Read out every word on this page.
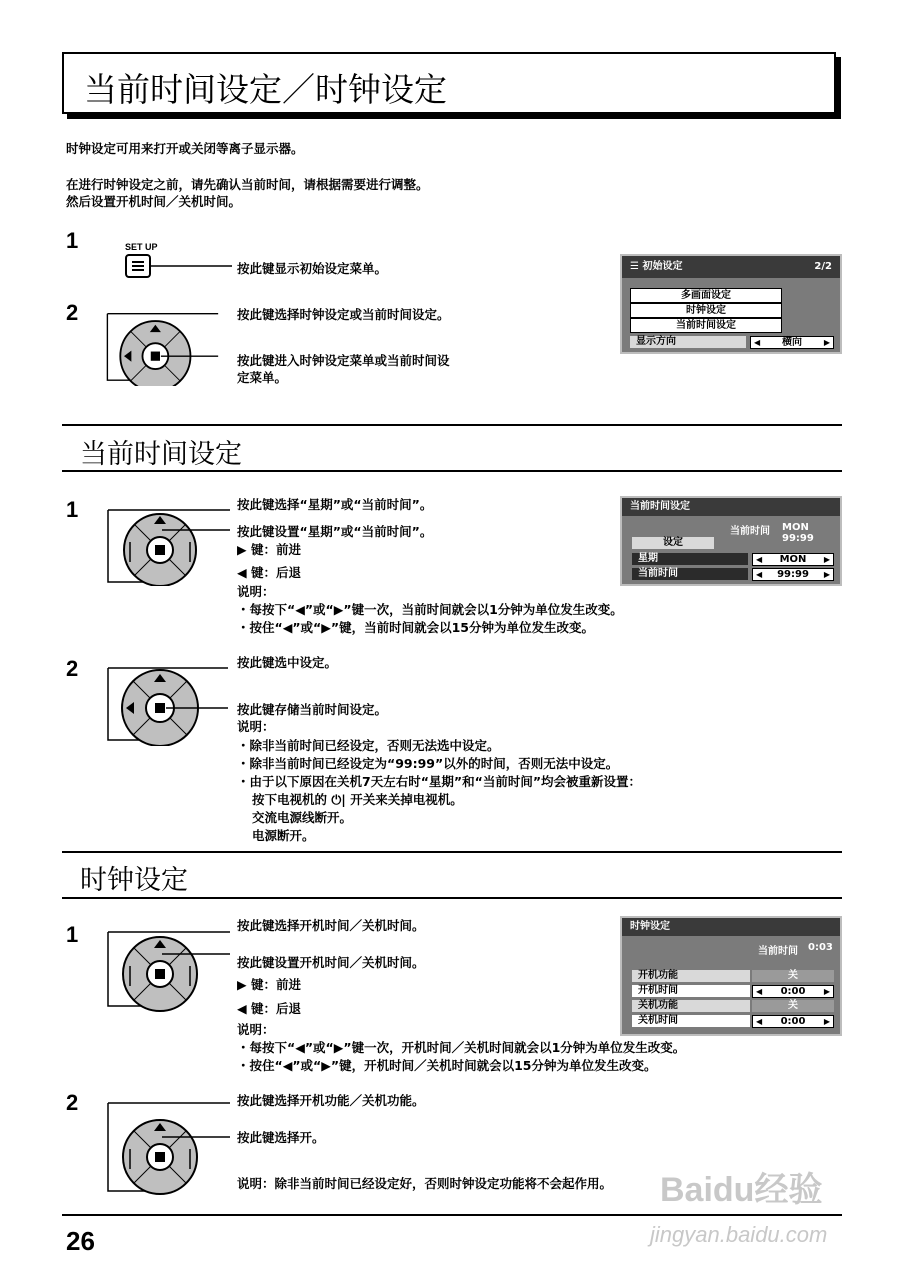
当前时间设定／时钟设定
时钟设定可用来打开或关闭等离子显示器。
在进行时钟设定之前，请先确认当前时间，请根据需要进行调整。
然后设置开机时间／关机时间。
1	SET UP
按此键显示初始设定菜单。
2	按此键选择时钟设定或当前时间设定。
按此键进入时钟设定菜单或当前时间设
定菜单。
☰ 初始设定	2/2
多画面设定
时钟设定
当前时间设定
显示方向	◀ 横向	▶
当前时间设定
1	按此键选择“星期”或“当前时间”。
按此键设置“星期”或“当前时间”。
▶ 键：前进
◀ 键：后退
说明：
・每按下“◀”或“▶”键一次，当前时间就会以1分钟为单位发生改变。
・按住“◀”或“▶”键，当前时间就会以15分钟为单位发生改变。
当前时间设定
当前时间 MON 99:99
设定
星期	◀ MON ▶
当前时间	◀ 99:99 ▶
2	按此键选中设定。
按此键存储当前时间设定。
说明：
・除非当前时间已经设定，否则无法选中设定。
・除非当前时间已经设定为“99:99”以外的时间，否则无法中设定。
・由于以下原因在关机7天左右时“星期”和“当前时间”均会被重新设置：
按下电视机的 ⏻| 开关来关掉电视机。
交流电源线断开。
电源断开。
时钟设定
1	按此键选择开机时间／关机时间。
按此键设置开机时间／关机时间。
▶ 键：前进
◀ 键：后退
说明：
・每按下“◀”或“▶”键一次，开机时间／关机时间就会以1分钟为单位发生改变。
・按住“◀”或“▶”键，开机时间／关机时间就会以15分钟为单位发生改变。
时钟设定
当前时间 0:03
开机功能	关
开机时间	◀ 0:00 ▶
关机功能	关
关机时间	◀ 0:00 ▶
2	按此键选择开机功能／关机功能。
按此键选择开。
说明：除非当前时间已经设定好，否则时钟设定功能将不会起作用。
26
Baidu经验
jingyan.baidu.com
